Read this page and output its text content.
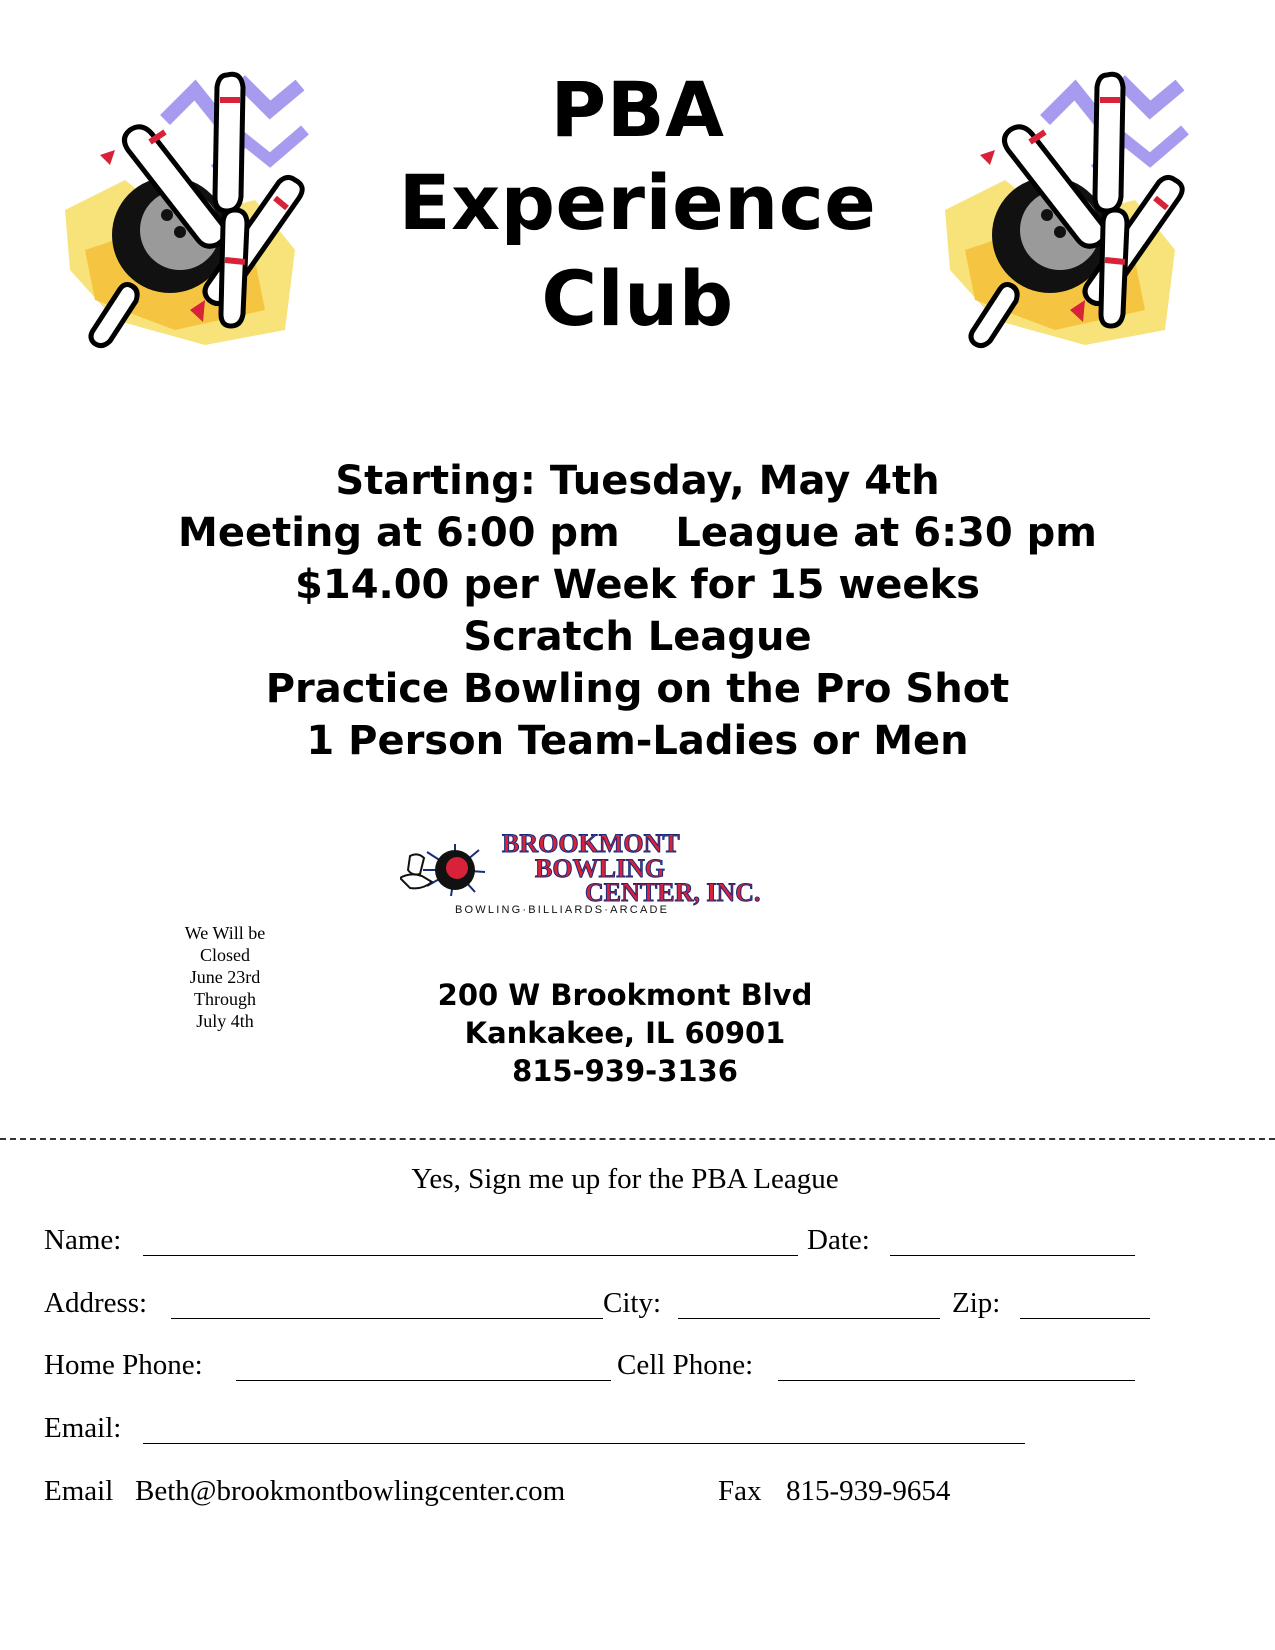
PBA
Experience
Club
Starting: Tuesday, May 4th
Meeting at 6:00 pm    League at 6:30 pm
$14.00 per Week for 15 weeks
Scratch League
Practice Bowling on the Pro Shot
1 Person Team-Ladies or Men
BROOKMONT
BOWLING
CENTER, INC.
BOWLING·BILLIARDS·ARCADE
We Will be
Closed
June 23rd
Through
July 4th
200 W Brookmont Blvd
Kankakee, IL 60901
815-939-3136
Yes, Sign me up for the PBA League
Name:	Date:
Address:	City:	Zip:
Home Phone:	Cell Phone:
Email:
Email Beth@brookmontbowlingcenter.com	Fax 815-939-9654
